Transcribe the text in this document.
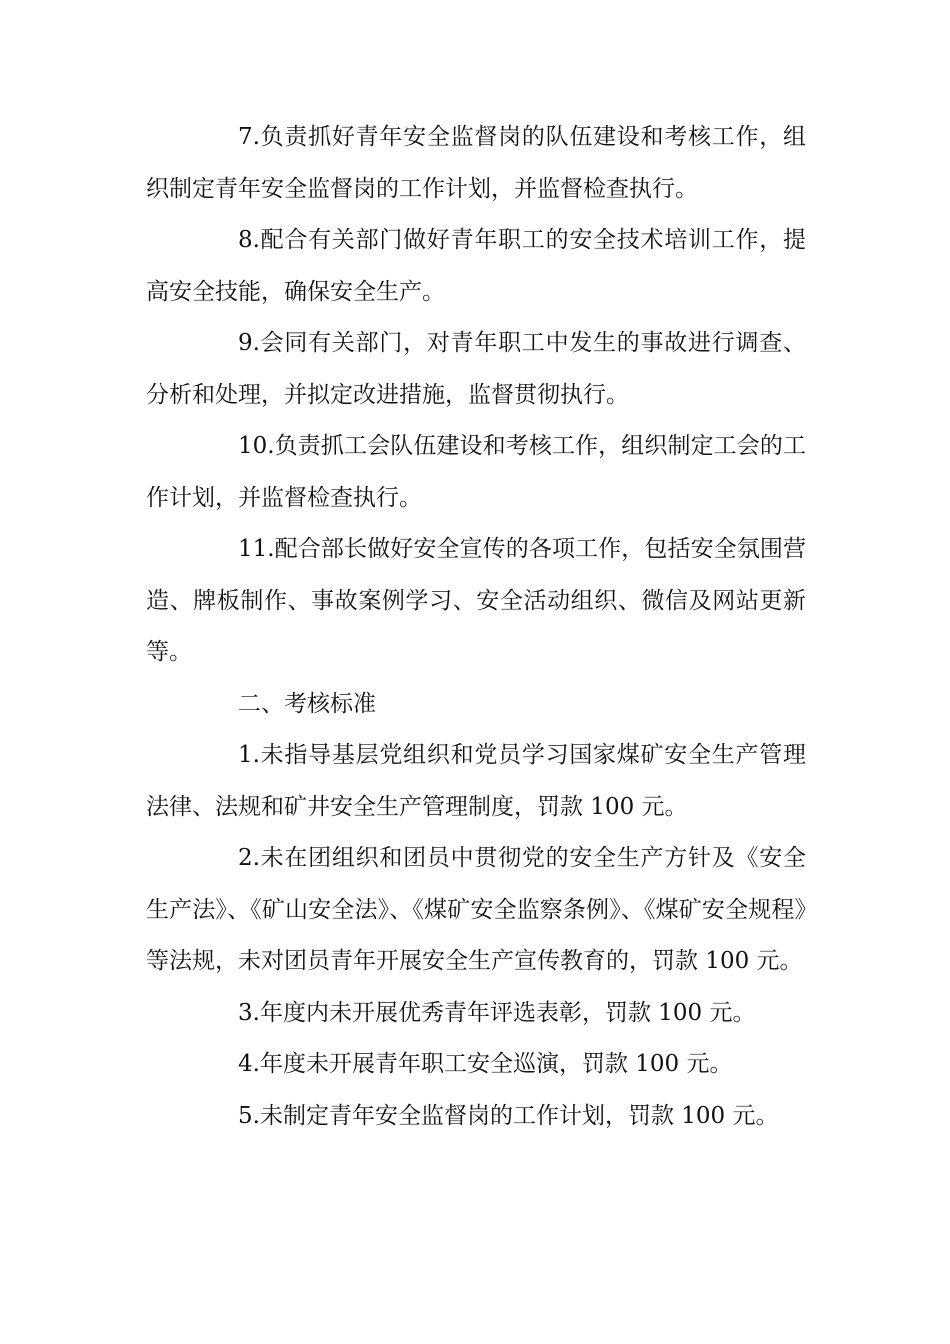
7.负责抓好青年安全监督岗的队伍建设和考核工作，组织制定青年安全监督岗的工作计划，并监督检查执行。

8.配合有关部门做好青年职工的安全技术培训工作，提高安全技能，确保安全生产。

9.会同有关部门，对青年职工中发生的事故进行调查、分析和处理，并拟定改进措施，监督贯彻执行。

10.负责抓工会队伍建设和考核工作，组织制定工会的工作计划，并监督检查执行。

11.配合部长做好安全宣传的各项工作，包括安全氛围营造、牌板制作、事故案例学习、安全活动组织、微信及网站更新等。

二、考核标准

1.未指导基层党组织和党员学习国家煤矿安全生产管理法律、法规和矿井安全生产管理制度，罚款 100 元。

2.未在团组织和团员中贯彻党的安全生产方针及《安全生产法》、《矿山安全法》、《煤矿安全监察条例》、《煤矿安全规程》等法规，未对团员青年开展安全生产宣传教育的，罚款 100 元。

3.年度内未开展优秀青年评选表彰，罚款 100 元。

4.年度未开展青年职工安全巡演，罚款 100 元。

5.未制定青年安全监督岗的工作计划，罚款 100 元。
